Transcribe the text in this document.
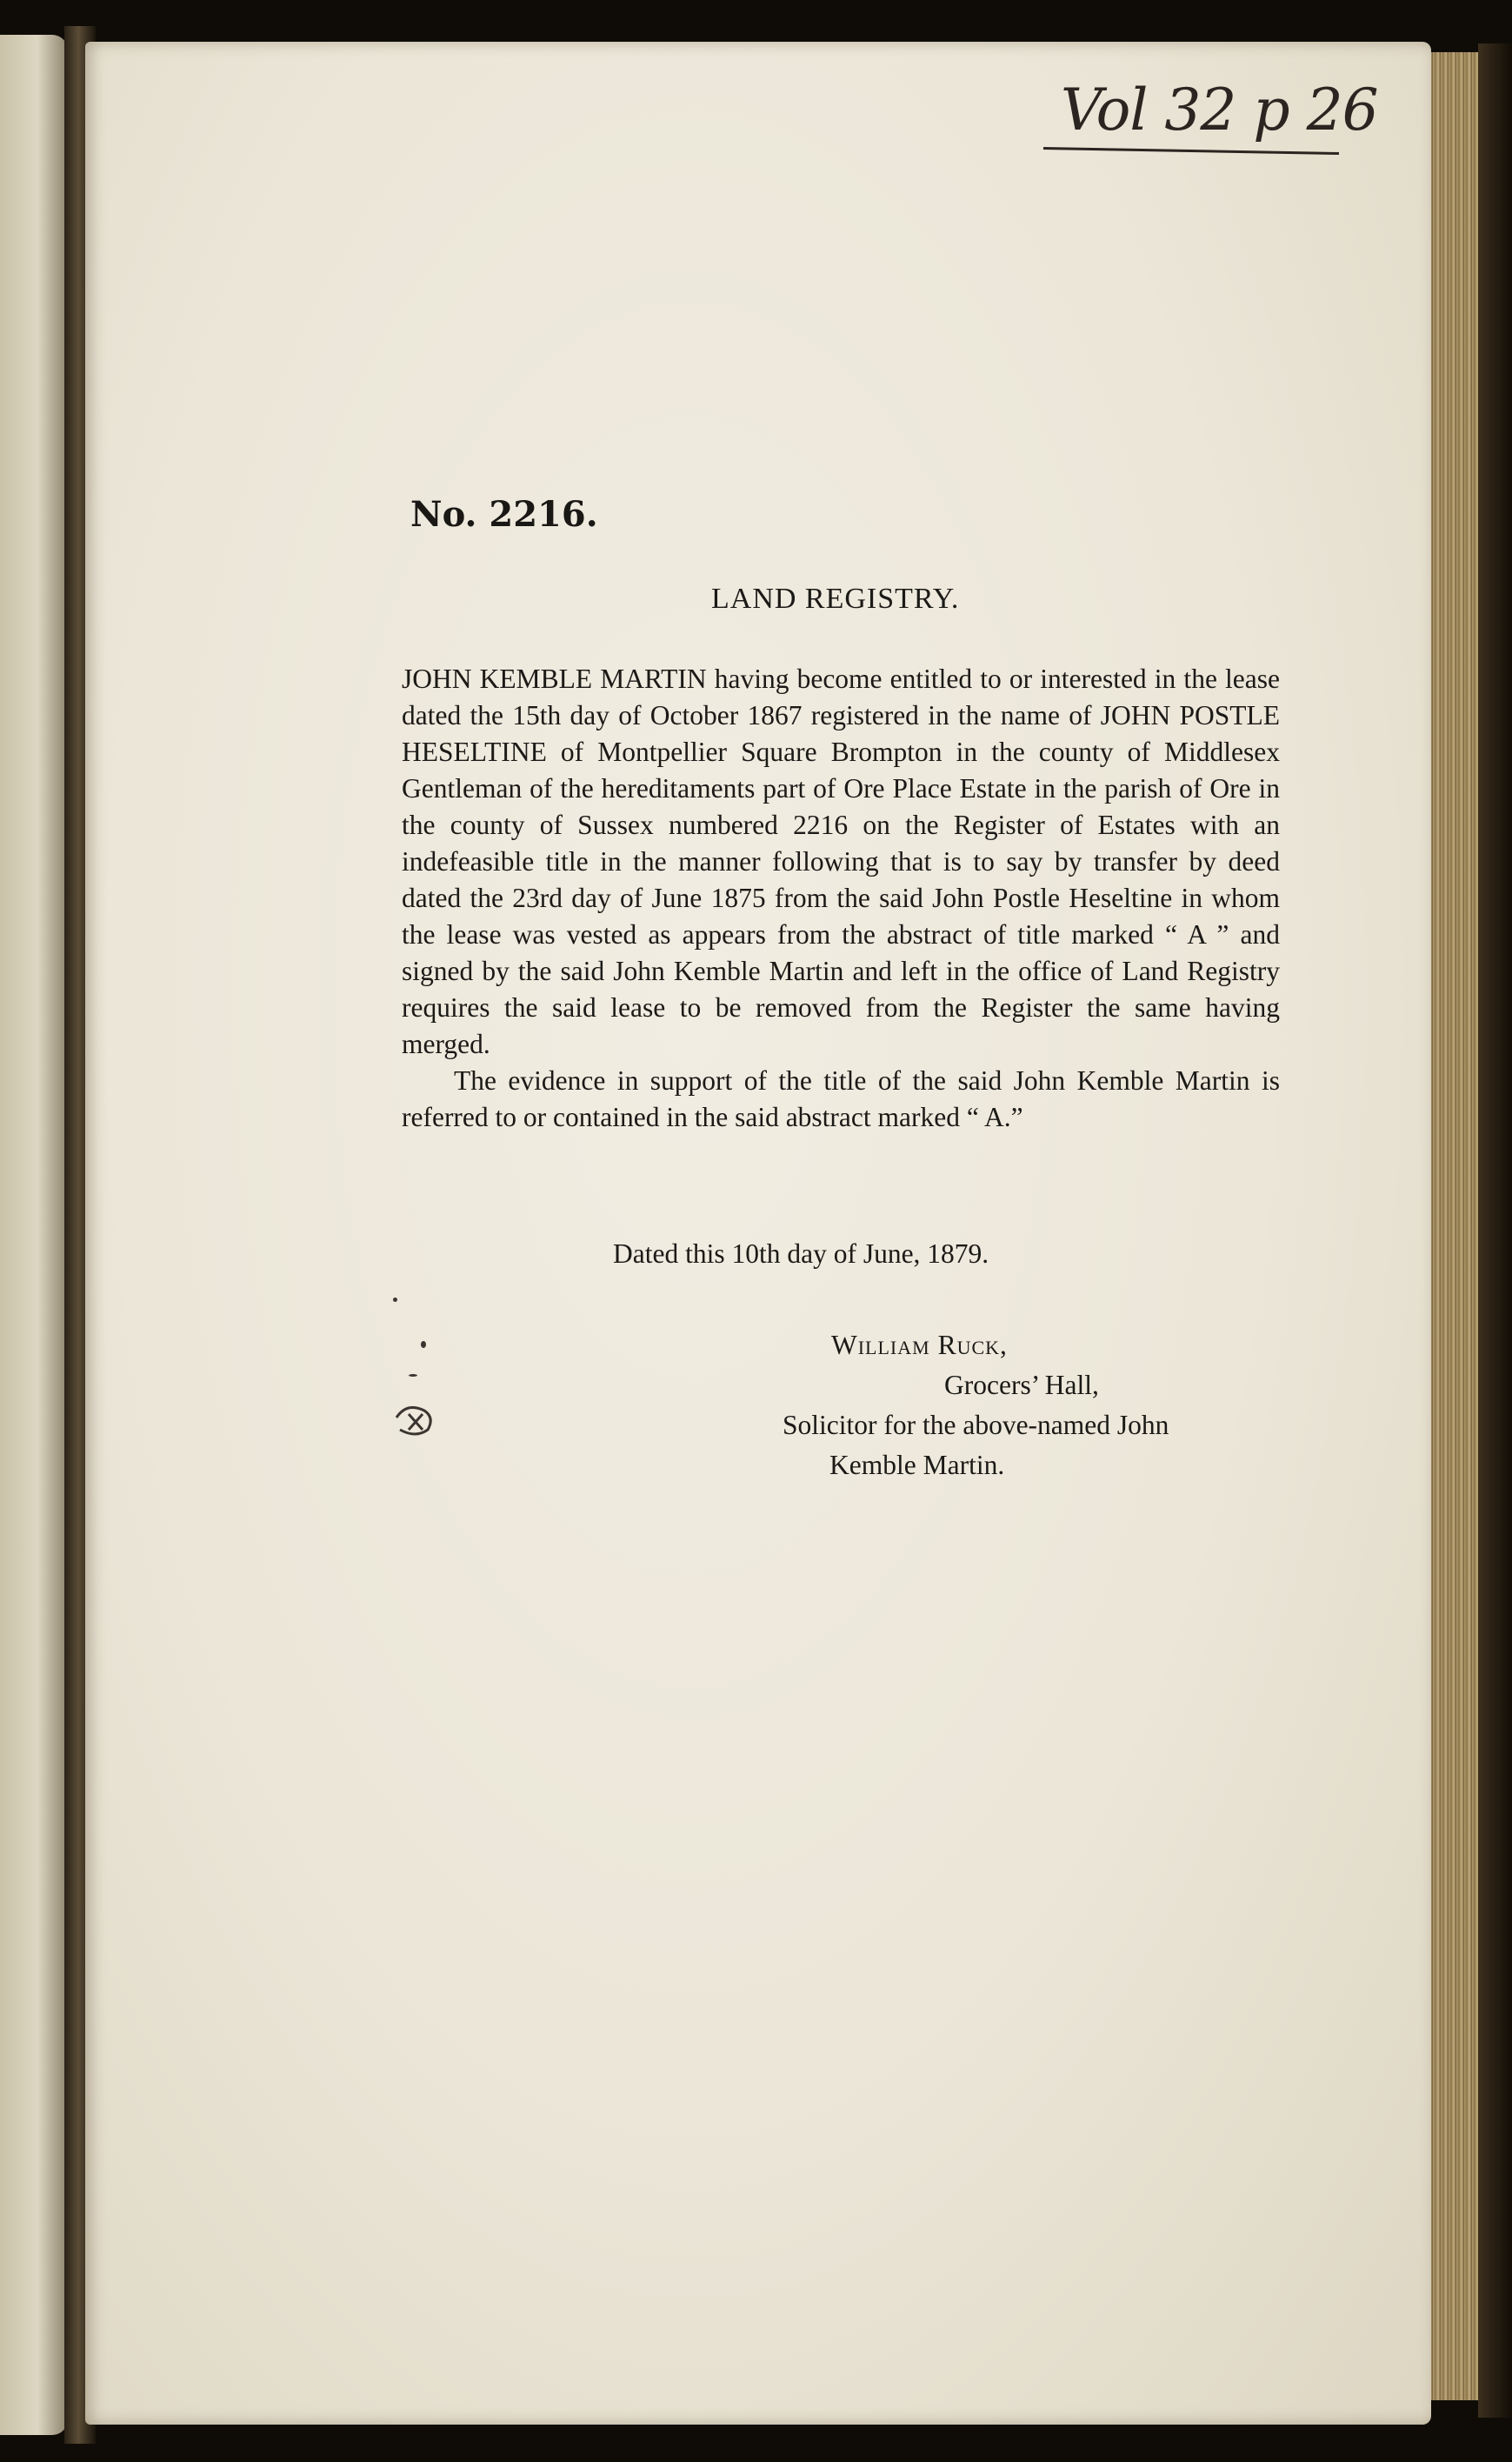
Vol 32 p 26
No. 2216.
LAND REGISTRY.

JOHN KEMBLE MARTIN having become entitled to or interested in the lease dated the 15th day of October 1867 registered in the name of JOHN POSTLE HESELTINE of Montpellier Square Brompton in the county of Middlesex Gentleman of the hereditaments part of Ore Place Estate in the parish of Ore in the county of Sussex numbered 2216 on the Register of Estates with an indefeasible title in the manner following that is to say by transfer by deed dated the 23rd day of June 1875 from the said John Postle Heseltine in whom the lease was vested as appears from the abstract of title marked “ A ” and signed by the said John Kemble Martin and left in the office of Land Registry requires the said lease to be removed from the Register the same having merged.

The evidence in support of the title of the said John Kemble Martin is referred to or contained in the said abstract marked “ A.”

Dated this 10th day of June, 1879.
William Ruck,
Grocers’ Hall,
Solicitor for the above-named John
Kemble Martin.
